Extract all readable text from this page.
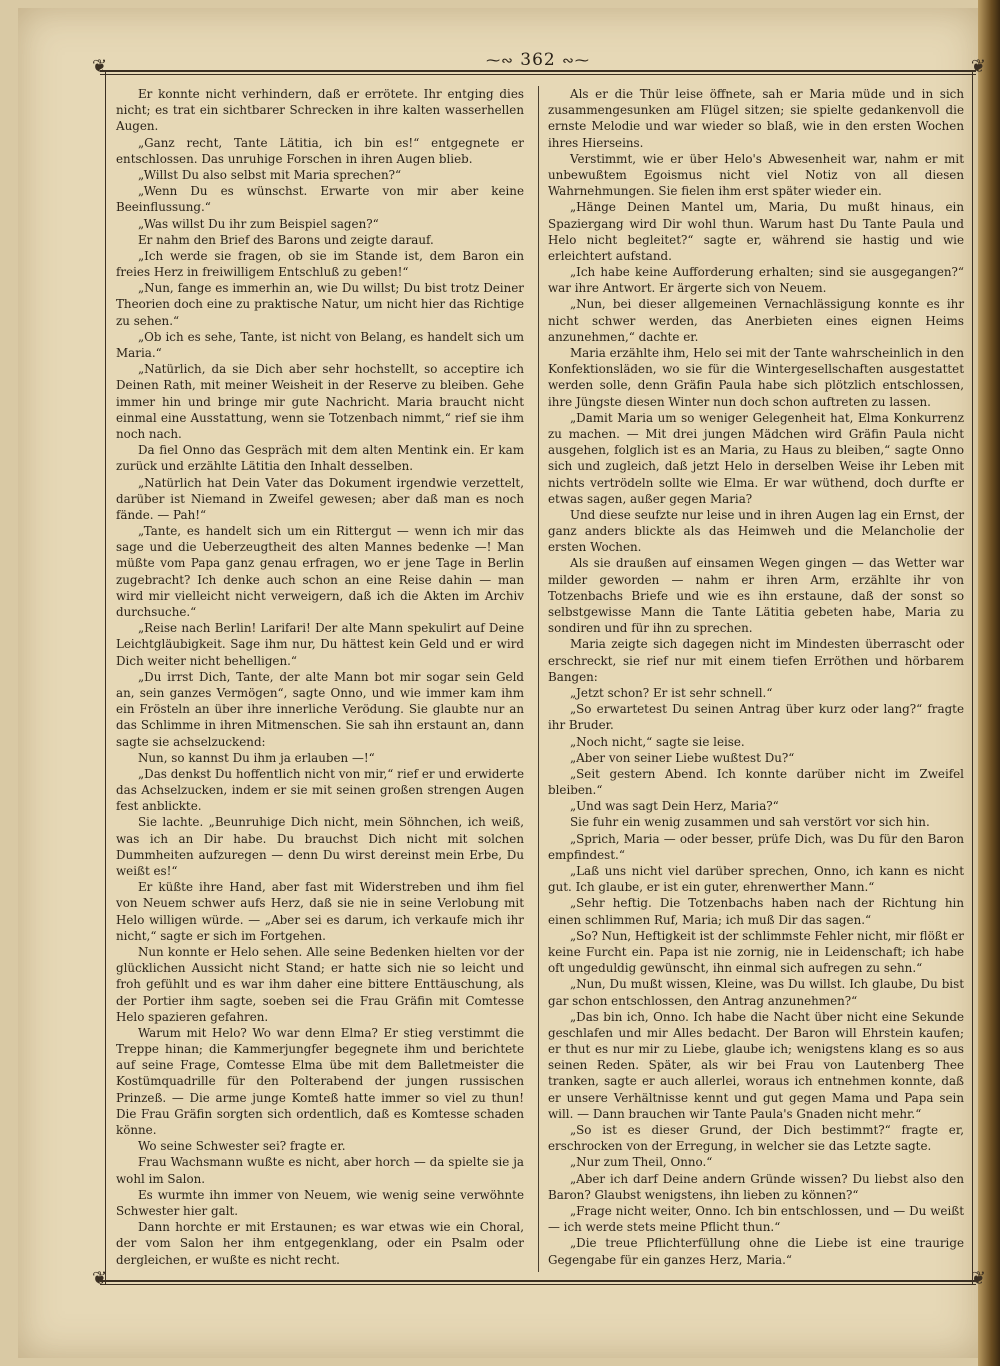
❦	❦
❦	❦
⁓∾ 362 ∾⁓

Er konnte nicht verhindern, daß er errötete. Ihr entging dies nicht; es trat ein sichtbarer Schrecken in ihre kalten wasserhellen Augen.

„Ganz recht, Tante Lätitia, ich bin es!“ entgegnete er entschlossen. Das unruhige Forschen in ihren Augen blieb.

„Willst Du also selbst mit Maria sprechen?“

„Wenn Du es wünschst. Erwarte von mir aber keine Beeinflussung.“

„Was willst Du ihr zum Beispiel sagen?“

Er nahm den Brief des Barons und zeigte darauf.

„Ich werde sie fragen, ob sie im Stande ist, dem Baron ein freies Herz in freiwilligem Entschluß zu geben!“

„Nun, fange es immerhin an, wie Du willst; Du bist trotz Deiner Theorien doch eine zu praktische Natur, um nicht hier das Richtige zu sehen.“

„Ob ich es sehe, Tante, ist nicht von Belang, es handelt sich um Maria.“

„Natürlich, da sie Dich aber sehr hochstellt, so acceptire ich Deinen Rath, mit meiner Weisheit in der Reserve zu bleiben. Gehe immer hin und bringe mir gute Nachricht. Maria braucht nicht einmal eine Ausstattung, wenn sie Totzenbach nimmt,“ rief sie ihm noch nach.

Da fiel Onno das Gespräch mit dem alten Mentink ein. Er kam zurück und erzählte Lätitia den Inhalt desselben.

„Natürlich hat Dein Vater das Dokument irgendwie verzettelt, darüber ist Niemand in Zweifel gewesen; aber daß man es noch fände. — Pah!“

„Tante, es handelt sich um ein Rittergut — wenn ich mir das sage und die Ueberzeugtheit des alten Mannes bedenke —! Man müßte vom Papa ganz genau erfragen, wo er jene Tage in Berlin zugebracht? Ich denke auch schon an eine Reise dahin — man wird mir vielleicht nicht verweigern, daß ich die Akten im Archiv durchsuche.“

„Reise nach Berlin! Larifari! Der alte Mann spekulirt auf Deine Leichtgläubigkeit. Sage ihm nur, Du hättest kein Geld und er wird Dich weiter nicht behelligen.“

„Du irrst Dich, Tante, der alte Mann bot mir sogar sein Geld an, sein ganzes Vermögen“, sagte Onno, und wie immer kam ihm ein Frösteln an über ihre innerliche Verödung. Sie glaubte nur an das Schlimme in ihren Mitmenschen. Sie sah ihn erstaunt an, dann sagte sie achselzuckend:

Nun, so kannst Du ihm ja erlauben —!“

„Das denkst Du hoffentlich nicht von mir,“ rief er und erwiderte das Achselzucken, indem er sie mit seinen großen strengen Augen fest anblickte.

Sie lachte. „Beunruhige Dich nicht, mein Söhnchen, ich weiß, was ich an Dir habe. Du brauchst Dich nicht mit solchen Dummheiten aufzuregen — denn Du wirst dereinst mein Erbe, Du weißt es!“

Er küßte ihre Hand, aber fast mit Widerstreben und ihm fiel von Neuem schwer aufs Herz, daß sie nie in seine Verlobung mit Helo willigen würde. — „Aber sei es darum, ich verkaufe mich ihr nicht,“ sagte er sich im Fortgehen.

Nun konnte er Helo sehen. Alle seine Bedenken hielten vor der glücklichen Aussicht nicht Stand; er hatte sich nie so leicht und froh gefühlt und es war ihm daher eine bittere Enttäuschung, als der Portier ihm sagte, soeben sei die Frau Gräfin mit Comtesse Helo spazieren gefahren.

Warum mit Helo? Wo war denn Elma? Er stieg verstimmt die Treppe hinan; die Kammerjungfer begegnete ihm und berichtete auf seine Frage, Comtesse Elma übe mit dem Balletmeister die Kostümquadrille für den Polterabend der jungen russischen Prinzeß. — Die arme junge Komteß hatte immer so viel zu thun! Die Frau Gräfin sorgten sich ordentlich, daß es Komtesse schaden könne.

Wo seine Schwester sei? fragte er.

Frau Wachsmann wußte es nicht, aber horch — da spielte sie ja wohl im Salon.

Es wurmte ihn immer von Neuem, wie wenig seine verwöhnte Schwester hier galt.

Dann horchte er mit Erstaunen; es war etwas wie ein Choral, der vom Salon her ihm entgegenklang, oder ein Psalm oder dergleichen, er wußte es nicht recht.

Als er die Thür leise öffnete, sah er Maria müde und in sich zusammengesunken am Flügel sitzen; sie spielte gedankenvoll die ernste Melodie und war wieder so blaß, wie in den ersten Wochen ihres Hierseins.

Verstimmt, wie er über Helo's Abwesenheit war, nahm er mit unbewußtem Egoismus nicht viel Notiz von all diesen Wahrnehmungen. Sie fielen ihm erst später wieder ein.

„Hänge Deinen Mantel um, Maria, Du mußt hinaus, ein Spaziergang wird Dir wohl thun. Warum hast Du Tante Paula und Helo nicht begleitet?“ sagte er, während sie hastig und wie erleichtert aufstand.

„Ich habe keine Aufforderung erhalten; sind sie ausgegangen?“ war ihre Antwort. Er ärgerte sich von Neuem.

„Nun, bei dieser allgemeinen Vernachlässigung konnte es ihr nicht schwer werden, das Anerbieten eines eignen Heims anzunehmen,“ dachte er.

Maria erzählte ihm, Helo sei mit der Tante wahrscheinlich in den Konfektionsläden, wo sie für die Wintergesellschaften ausgestattet werden solle, denn Gräfin Paula habe sich plötzlich entschlossen, ihre Jüngste diesen Winter nun doch schon auftreten zu lassen.

„Damit Maria um so weniger Gelegenheit hat, Elma Konkurrenz zu machen. — Mit drei jungen Mädchen wird Gräfin Paula nicht ausgehen, folglich ist es an Maria, zu Haus zu bleiben,“ sagte Onno sich und zugleich, daß jetzt Helo in derselben Weise ihr Leben mit nichts vertrödeln sollte wie Elma. Er war wüthend, doch durfte er etwas sagen, außer gegen Maria?

Und diese seufzte nur leise und in ihren Augen lag ein Ernst, der ganz anders blickte als das Heimweh und die Melancholie der ersten Wochen.

Als sie draußen auf einsamen Wegen gingen — das Wetter war milder geworden — nahm er ihren Arm, erzählte ihr von Totzenbachs Briefe und wie es ihn erstaune, daß der sonst so selbstgewisse Mann die Tante Lätitia gebeten habe, Maria zu sondiren und für ihn zu sprechen.

Maria zeigte sich dagegen nicht im Mindesten überrascht oder erschreckt, sie rief nur mit einem tiefen Erröthen und hörbarem Bangen:

„Jetzt schon? Er ist sehr schnell.“

„So erwartetest Du seinen Antrag über kurz oder lang?“ fragte ihr Bruder.

„Noch nicht,“ sagte sie leise.

„Aber von seiner Liebe wußtest Du?“

„Seit gestern Abend. Ich konnte darüber nicht im Zweifel bleiben.“

„Und was sagt Dein Herz, Maria?“

Sie fuhr ein wenig zusammen und sah verstört vor sich hin.

„Sprich, Maria — oder besser, prüfe Dich, was Du für den Baron empfindest.“

„Laß uns nicht viel darüber sprechen, Onno, ich kann es nicht gut. Ich glaube, er ist ein guter, ehrenwerther Mann.“

„Sehr heftig. Die Totzenbachs haben nach der Richtung hin einen schlimmen Ruf, Maria; ich muß Dir das sagen.“

„So? Nun, Heftigkeit ist der schlimmste Fehler nicht, mir flößt er keine Furcht ein. Papa ist nie zornig, nie in Leidenschaft; ich habe oft ungeduldig gewünscht, ihn einmal sich aufregen zu sehn.“

„Nun, Du mußt wissen, Kleine, was Du willst. Ich glaube, Du bist gar schon entschlossen, den Antrag anzunehmen?“

„Das bin ich, Onno. Ich habe die Nacht über nicht eine Sekunde geschlafen und mir Alles bedacht. Der Baron will Ehrstein kaufen; er thut es nur mir zu Liebe, glaube ich; wenigstens klang es so aus seinen Reden. Später, als wir bei Frau von Lautenberg Thee tranken, sagte er auch allerlei, woraus ich entnehmen konnte, daß er unsere Verhältnisse kennt und gut gegen Mama und Papa sein will. — Dann brauchen wir Tante Paula's Gnaden nicht mehr.“

„So ist es dieser Grund, der Dich bestimmt?“ fragte er, erschrocken von der Erregung, in welcher sie das Letzte sagte.

„Nur zum Theil, Onno.“

„Aber ich darf Deine andern Gründe wissen? Du liebst also den Baron? Glaubst wenigstens, ihn lieben zu können?“

„Frage nicht weiter, Onno. Ich bin entschlossen, und — Du weißt — ich werde stets meine Pflicht thun.“

„Die treue Pflichterfüllung ohne die Liebe ist eine traurige Gegengabe für ein ganzes Herz, Maria.“
